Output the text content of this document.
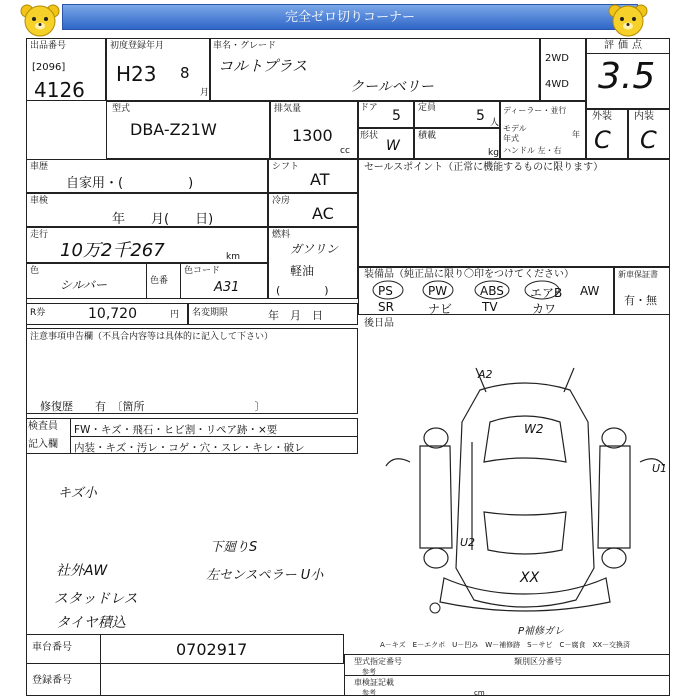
完全ゼロ切りコーナー
出品番号
[2096]
4126
初度登録年月
H23 8
月
車名・グレード
コルトプラス
クールベリー
2WD
4WD
評価点
3.5
型式
DBA-Z21W
排気量
1300
cc
ドア 5 定員	5 人
形状
W
積載
kg
ディーラー・並行
モデル年式	年
ハンドル 左・右
外装 内装
C C
車歴
自家用・(　　　　　)
シフト
AT
車検
年　　月(　　日)
冷房
AC
走行
10万2千267	km
燃料
ガソリン
軽油
(　　　　)
色
シルバー	色番
色コード
A31
R券	10,720	円 名変期限	年　月　日
セールスポイント（正常に機能するものに限ります）
装備品（純正品に限り〇印をつけてください）
PS	PW	ABS エアB AW
SR	ナビ TV	カワ
新車保証書
有・無
後日品
注意事項申告欄（不具合内容等は具体的に記入して下さい）
修復歴　　有　〔箇所　　　　　　　　　　〕
検査員
記入欄
FW・キズ・飛石・ヒビ割・リペア跡・×要
内装・キズ・汚レ・コゲ・穴・スレ・キレ・破レ
キズ小
社外AW
スタッドレス
タイヤ積込
下廻りS
左センスペラー U小
W2
U2
XX
U1
A2
P補修ガレ
A－キズ　E－エクボ　U－凹み　W－補修跡　S－サビ　C－腐食　XX－交換済
車台番号	0702917
登録番号
型式指定番号
参考
類別区分番号
車検証記載
参考	cm
